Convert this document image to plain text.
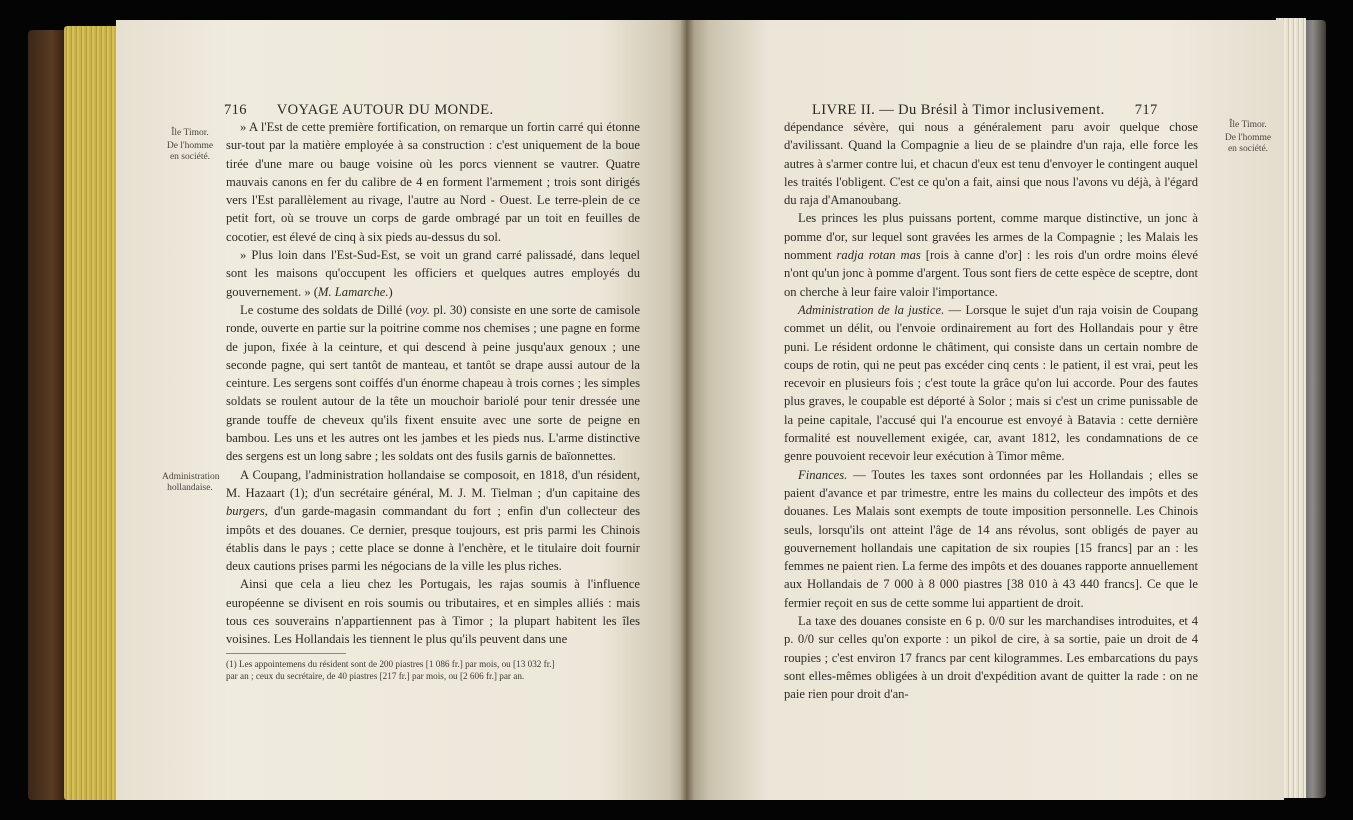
716 VOYAGE AUTOUR DU MONDE.
Île Timor.
De l'homme en société.
Administration hollandaise.

» A l'Est de cette première fortification, on remarque un fortin carré qui étonne sur-tout par la matière employée à sa construction : c'est uniquement de la boue tirée d'une mare ou bauge voisine où les porcs viennent se vautrer. Quatre mauvais canons en fer du calibre de 4 en forment l'armement ; trois sont dirigés vers l'Est parallèlement au rivage, l'autre au Nord - Ouest. Le terre-plein de ce petit fort, où se trouve un corps de garde ombragé par un toit en feuilles de cocotier, est élevé de cinq à six pieds au-dessus du sol.

» Plus loin dans l'Est-Sud-Est, se voit un grand carré palissadé, dans lequel sont les maisons qu'occupent les officiers et quelques autres employés du gouvernement. » (M. Lamarche.)

Le costume des soldats de Dillé (voy. pl. 30) consiste en une sorte de camisole ronde, ouverte en partie sur la poitrine comme nos chemises ; une pagne en forme de jupon, fixée à la ceinture, et qui descend à peine jusqu'aux genoux ; une seconde pagne, qui sert tantôt de manteau, et tantôt se drape aussi autour de la ceinture. Les sergens sont coiffés d'un énorme chapeau à trois cornes ; les simples soldats se roulent autour de la tête un mouchoir bariolé pour tenir dressée une grande touffe de cheveux qu'ils fixent ensuite avec une sorte de peigne en bambou. Les uns et les autres ont les jambes et les pieds nus. L'arme distinctive des sergens est un long sabre ; les soldats ont des fusils garnis de baïonnettes.

A Coupang, l'administration hollandaise se composoit, en 1818, d'un résident, M. Hazaart (1); d'un secrétaire général, M. J. M. Tielman ; d'un capitaine des burgers, d'un garde-magasin commandant du fort ; enfin d'un collecteur des impôts et des douanes. Ce dernier, presque toujours, est pris parmi les Chinois établis dans le pays ; cette place se donne à l'enchère, et le titulaire doit fournir deux cautions prises parmi les négocians de la ville les plus riches.

Ainsi que cela a lieu chez les Portugais, les rajas soumis à l'influence européenne se divisent en rois soumis ou tributaires, et en simples alliés : mais tous ces souverains n'appartiennent pas à Timor ; la plupart habitent les îles voisines. Les Hollandais les tiennent le plus qu'ils peuvent dans une

(1) Les appointemens du résident sont de 200 piastres [1 086 fr.] par mois, ou [13 032 fr.]
par an ; ceux du secrétaire, de 40 piastres [217 fr.] par mois, ou [2 606 fr.] par an.
LIVRE II. — Du Brésil à Timor inclusivement. 717
Île Timor.
De l'homme en société.

dépendance sévère, qui nous a généralement paru avoir quelque chose d'avilissant. Quand la Compagnie a lieu de se plaindre d'un raja, elle force les autres à s'armer contre lui, et chacun d'eux est tenu d'envoyer le contingent auquel les traités l'obligent. C'est ce qu'on a fait, ainsi que nous l'avons vu déjà, à l'égard du raja d'Amanoubang.

Les princes les plus puissans portent, comme marque distinctive, un jonc à pomme d'or, sur lequel sont gravées les armes de la Compagnie ; les Malais les nomment radja rotan mas [rois à canne d'or] : les rois d'un ordre moins élevé n'ont qu'un jonc à pomme d'argent. Tous sont fiers de cette espèce de sceptre, dont on cherche à leur faire valoir l'importance.

Administration de la justice. — Lorsque le sujet d'un raja voisin de Coupang commet un délit, ou l'envoie ordinairement au fort des Hollandais pour y être puni. Le résident ordonne le châtiment, qui consiste dans un certain nombre de coups de rotin, qui ne peut pas excéder cinq cents : le patient, il est vrai, peut les recevoir en plusieurs fois ; c'est toute la grâce qu'on lui accorde. Pour des fautes plus graves, le coupable est déporté à Solor ; mais si c'est un crime punissable de la peine capitale, l'accusé qui l'a encourue est envoyé à Batavia : cette dernière formalité est nouvellement exigée, car, avant 1812, les condamnations de ce genre pouvoient recevoir leur exécution à Timor même.

Finances. — Toutes les taxes sont ordonnées par les Hollandais ; elles se paient d'avance et par trimestre, entre les mains du collecteur des impôts et des douanes. Les Malais sont exempts de toute imposition personnelle. Les Chinois seuls, lorsqu'ils ont atteint l'âge de 14 ans révolus, sont obligés de payer au gouvernement hollandais une capitation de six roupies [15 francs] par an : les femmes ne paient rien. La ferme des impôts et des douanes rapporte annuellement aux Hollandais de 7 000 à 8 000 piastres [38 010 à 43 440 francs]. Ce que le fermier reçoit en sus de cette somme lui appartient de droit.

La taxe des douanes consiste en 6 p. 0/0 sur les marchandises introduites, et 4 p. 0/0 sur celles qu'on exporte : un pikol de cire, à sa sortie, paie un droit de 4 roupies ; c'est environ 17 francs par cent kilogrammes. Les embarcations du pays sont elles-mêmes obligées à un droit d'expédition avant de quitter la rade : on ne paie rien pour droit d'an-
